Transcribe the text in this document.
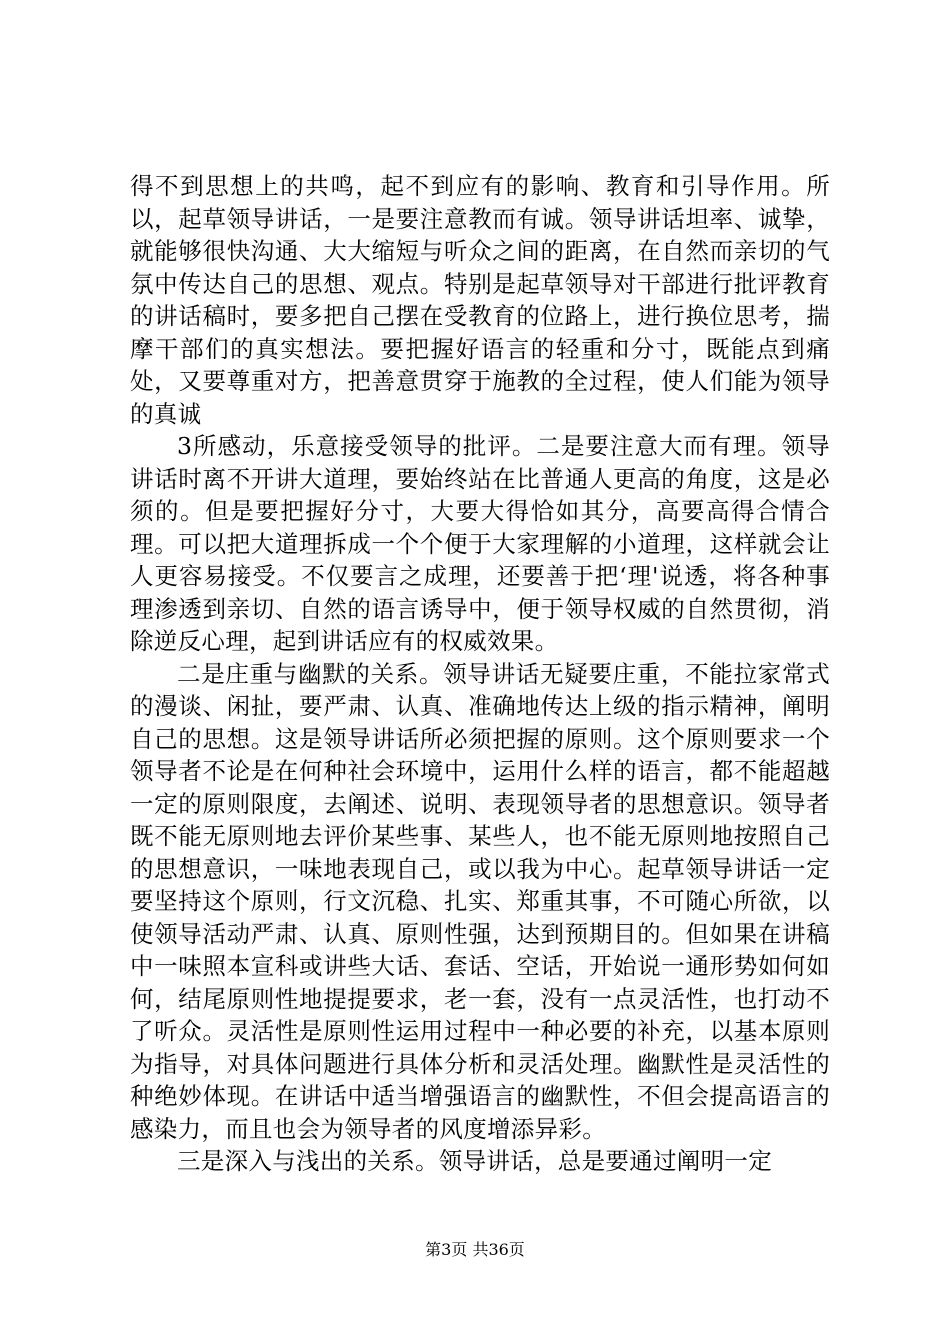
得不到思想上的共鸣，起不到应有的影响、教育和引导作用。所以，起草领导讲话，一是要注意教而有诚。领导讲话坦率、诚挚，就能够很快沟通、大大缩短与听众之间的距离，在自然而亲切的气氛中传达自己的思想、观点。特别是起草领导对干部进行批评教育的讲话稿时，要多把自己摆在受教育的位路上，进行换位思考，揣摩干部们的真实想法。要把握好语言的轻重和分寸，既能点到痛处，又要尊重对方，把善意贯穿于施教的全过程，使人们能为领导的真诚

3所感动，乐意接受领导的批评。二是要注意大而有理。领导讲话时离不开讲大道理，要始终站在比普通人更高的角度，这是必须的。但是要把握好分寸，大要大得恰如其分，高要高得合情合理。可以把大道理拆成一个个便于大家理解的小道理，这样就会让人更容易接受。不仅要言之成理，还要善于把‘理'说透，将各种事理渗透到亲切、自然的语言诱导中，便于领导权威的自然贯彻，消除逆反心理，起到讲话应有的权威效果。

二是庄重与幽默的关系。领导讲话无疑要庄重，不能拉家常式的漫谈、闲扯，要严肃、认真、准确地传达上级的指示精神，阐明自己的思想。这是领导讲话所必须把握的原则。这个原则要求一个领导者不论是在何种社会环境中，运用什么样的语言，都不能超越一定的原则限度，去阐述、说明、表现领导者的思想意识。领导者既不能无原则地去评价某些事、某些人，也不能无原则地按照自己的思想意识，一味地表现自己，或以我为中心。起草领导讲话一定要坚持这个原则，行文沉稳、扎实、郑重其事，不可随心所欲，以使领导活动严肃、认真、原则性强，达到预期目的。但如果在讲稿中一味照本宣科或讲些大话、套话、空话，开始说一通形势如何如何，结尾原则性地提提要求，老一套，没有一点灵活性，也打动不了听众。灵活性是原则性运用过程中一种必要的补充，以基本原则为指导，对具体问题进行具体分析和灵活处理。幽默性是灵活性的种绝妙体现。在讲话中适当增强语言的幽默性，不但会提高语言的感染力，而且也会为领导者的风度增添异彩。

三是深入与浅出的关系。领导讲话，总是要通过阐明一定

第3页 共36页
